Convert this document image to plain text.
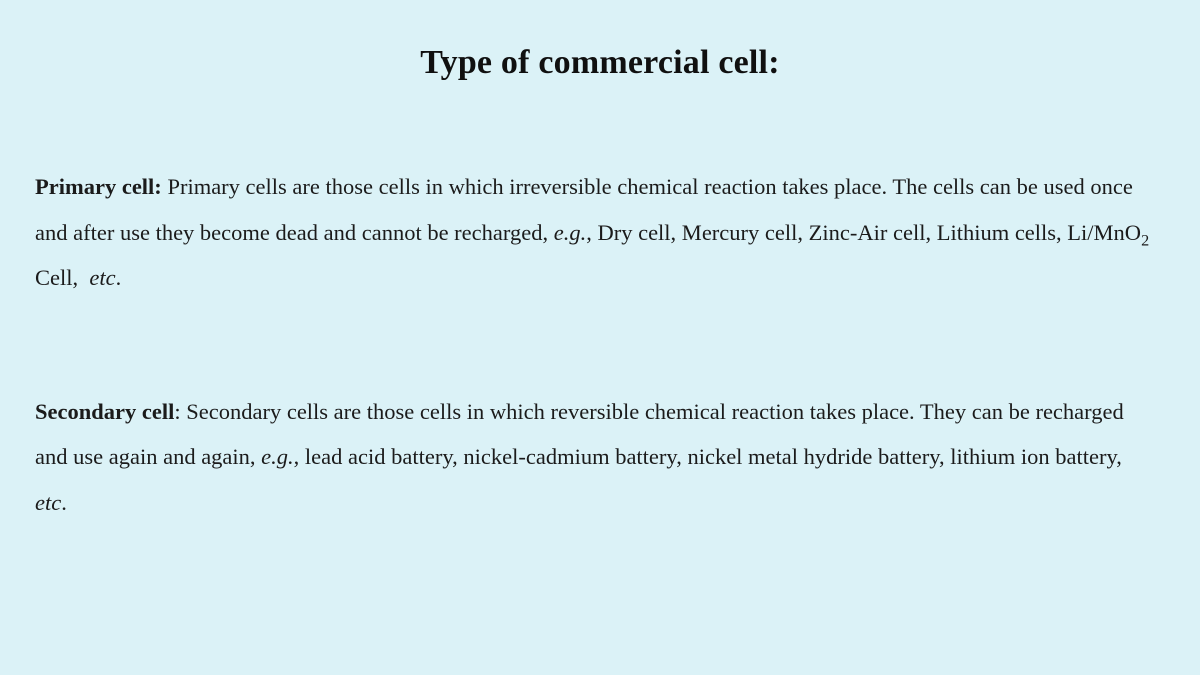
Type of commercial cell:

Primary cell: Primary cells are those cells in which irreversible chemical reaction takes place. The cells can be used once and after use they become dead and cannot be recharged, e.g., Dry cell, Mercury cell, Zinc-Air cell, Lithium cells, Li/MnO$_2$ Cell,  etc.

Secondary cell: Secondary cells are those cells in which reversible chemical reaction takes place. They can be recharged and use again and again, e.g., lead acid battery, nickel-cadmium battery, nickel metal hydride battery, lithium ion battery, etc.
